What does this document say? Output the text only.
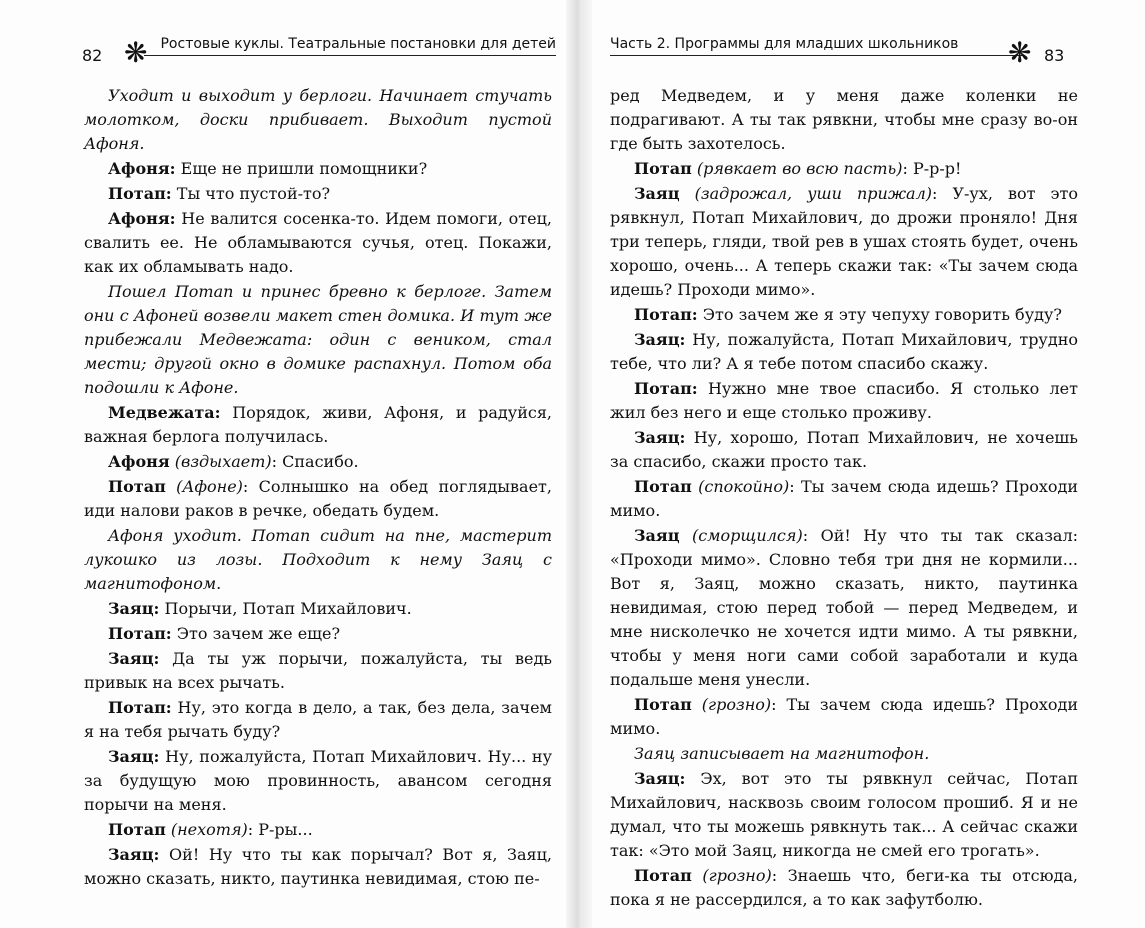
82 ❋ Ростовые куклы. Театральные постановки для детей

Уходит и выходит у берлоги. Начинает стучать молотком, доски прибивает. Выходит пустой Афоня.

Афоня: Еще не пришли помощники?

Потап: Ты что пустой-то?

Афоня: Не валится сосенка-то. Идем помоги, отец, свалить ее. Не обламываются сучья, отец. Покажи, как их обламывать надо.

Пошел Потап и принес бревно к берлоге. Затем они с Афоней возвели макет стен домика. И тут же прибежали Медвежата: один с веником, стал мести; другой окно в домике распахнул. Потом оба подошли к Афоне.

Медвежата: Порядок, живи, Афоня, и радуйся, важная берлога получилась.

Афоня (вздыхает): Спасибо.

Потап (Афоне): Солнышко на обед поглядывает, иди налови раков в речке, обедать будем.

Афоня уходит. Потап сидит на пне, мастерит лукошко из лозы. Подходит к нему Заяц с магнитофоном.

Заяц: Порычи, Потап Михайлович.

Потап: Это зачем же еще?

Заяц: Да ты уж порычи, пожалуйста, ты ведь привык на всех рычать.

Потап: Ну, это когда в дело, а так, без дела, зачем я на тебя рычать буду?

Заяц: Ну, пожалуйста, Потап Михайлович. Ну... ну за будущую мою провинность, авансом сегодня порычи на меня.

Потап (нехотя): Р-ры...

Заяц: Ой! Ну что ты как порычал? Вот я, Заяц, можно сказать, никто, паутинка невидимая, стою пе-

Часть 2. Программы для младших школьников ❋ 83

ред Медведем, и у меня даже коленки не подрагивают. А ты так рявкни, чтобы мне сразу во-он где быть захотелось.

Потап (рявкает во всю пасть): Р-р-р!

Заяц (задрожал, уши прижал): У-ух, вот это рявкнул, Потап Михайлович, до дрожи проняло! Дня три теперь, гляди, твой рев в ушах стоять будет, очень хорошо, очень... А теперь скажи так: «Ты зачем сюда идешь? Проходи мимо».

Потап: Это зачем же я эту чепуху говорить буду?

Заяц: Ну, пожалуйста, Потап Михайлович, трудно тебе, что ли? А я тебе потом спасибо скажу.

Потап: Нужно мне твое спасибо. Я столько лет жил без него и еще столько проживу.

Заяц: Ну, хорошо, Потап Михайлович, не хочешь за спасибо, скажи просто так.

Потап (спокойно): Ты зачем сюда идешь? Проходи мимо.

Заяц (сморщился): Ой! Ну что ты так сказал: «Проходи мимо». Словно тебя три дня не кормили... Вот я, Заяц, можно сказать, никто, паутинка невидимая, стою перед тобой — перед Медведем, и мне нисколечко не хочется идти мимо. А ты рявкни, чтобы у меня ноги сами собой заработали и куда подальше меня унесли.

Потап (грозно): Ты зачем сюда идешь? Проходи мимо.

Заяц записывает на магнитофон.

Заяц: Эх, вот это ты рявкнул сейчас, Потап Михайлович, насквозь своим голосом прошиб. Я и не думал, что ты можешь рявкнуть так... А сейчас скажи так: «Это мой Заяц, никогда не смей его трогать».

Потап (грозно): Знаешь что, беги-ка ты отсюда, пока я не рассердился, а то как зафутболю.
